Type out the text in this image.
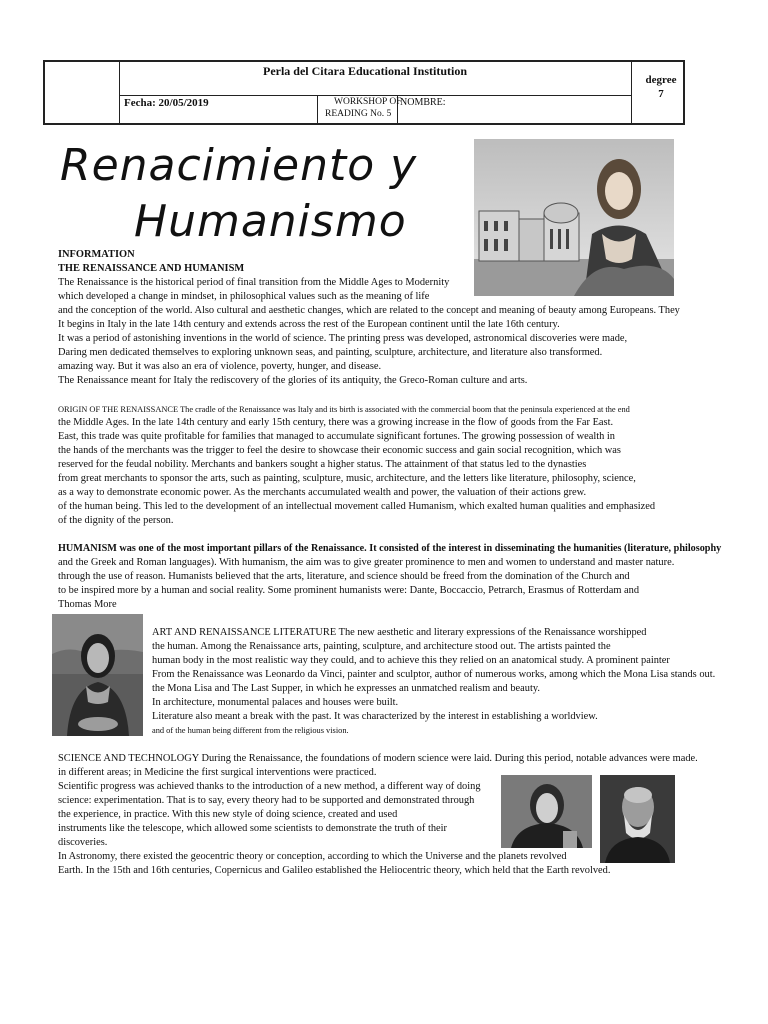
Perla del Citara Educational Institution
Fecha: 20/05/2019	WORKSHOP OF
READING No. 5
NOMBRE:
degree
7
Renacimiento y
Humanismo
INFORMATION
THE RENAISSANCE AND HUMANISM
The Renaissance is the historical period of final transition from the Middle Ages to Modernity
which developed a change in mindset, in philosophical values such as the meaning of life
and the conception of the world. Also cultural and aesthetic changes, which are related to the concept and meaning of beauty among Europeans. They
It begins in Italy in the late 14th century and extends across the rest of the European continent until the late 16th century.
It was a period of astonishing inventions in the world of science. The printing press was developed, astronomical discoveries were made,
Daring men dedicated themselves to exploring unknown seas, and painting, sculpture, architecture, and literature also transformed.
amazing way. But it was also an era of violence, poverty, hunger, and disease.
The Renaissance meant for Italy the rediscovery of the glories of its antiquity, the Greco-Roman culture and arts.
ORIGIN OF THE RENAISSANCE The cradle of the Renaissance was Italy and its birth is associated with the commercial boom that the peninsula experienced at the end
the Middle Ages. In the late 14th century and early 15th century, there was a growing increase in the flow of goods from the Far East.
East, this trade was quite profitable for families that managed to accumulate significant fortunes. The growing possession of wealth in
the hands of the merchants was the trigger to feel the desire to showcase their economic success and gain social recognition, which was
reserved for the feudal nobility. Merchants and bankers sought a higher status. The attainment of that status led to the dynasties
from great merchants to sponsor the arts, such as painting, sculpture, music, architecture, and the letters like literature, philosophy, science,
as a way to demonstrate economic power. As the merchants accumulated wealth and power, the valuation of their actions grew.
of the human being. This led to the development of an intellectual movement called Humanism, which exalted human qualities and emphasized
of the dignity of the person.
HUMANISM was one of the most important pillars of the Renaissance. It consisted of the interest in disseminating the humanities (literature, philosophy
and the Greek and Roman languages). With humanism, the aim was to give greater prominence to men and women to understand and master nature.
through the use of reason. Humanists believed that the arts, literature, and science should be freed from the domination of the Church and
to be inspired more by a human and social reality. Some prominent humanists were: Dante, Boccaccio, Petrarch, Erasmus of Rotterdam and
Thomas More
ART AND RENAISSANCE LITERATURE The new aesthetic and literary expressions of the Renaissance worshipped
the human. Among the Renaissance arts, painting, sculpture, and architecture stood out. The artists painted the
human body in the most realistic way they could, and to achieve this they relied on an anatomical study. A prominent painter
From the Renaissance was Leonardo da Vinci, painter and sculptor, author of numerous works, among which the Mona Lisa stands out.
the Mona Lisa and The Last Supper, in which he expresses an unmatched realism and beauty.
In architecture, monumental palaces and houses were built.
Literature also meant a break with the past. It was characterized by the interest in establishing a worldview.
and of the human being different from the religious vision.
SCIENCE AND TECHNOLOGY During the Renaissance, the foundations of modern science were laid. During this period, notable advances were made.
in different areas; in Medicine the first surgical interventions were practiced.
Scientific progress was achieved thanks to the introduction of a new method, a different way of doing
science: experimentation. That is to say, every theory had to be supported and demonstrated through
the experience, in practice. With this new style of doing science, created and used
instruments like the telescope, which allowed some scientists to demonstrate the truth of their
discoveries.
In Astronomy, there existed the geocentric theory or conception, according to which the Universe and the planets revolved
Earth. In the 15th and 16th centuries, Copernicus and Galileo established the Heliocentric theory, which held that the Earth revolved.
